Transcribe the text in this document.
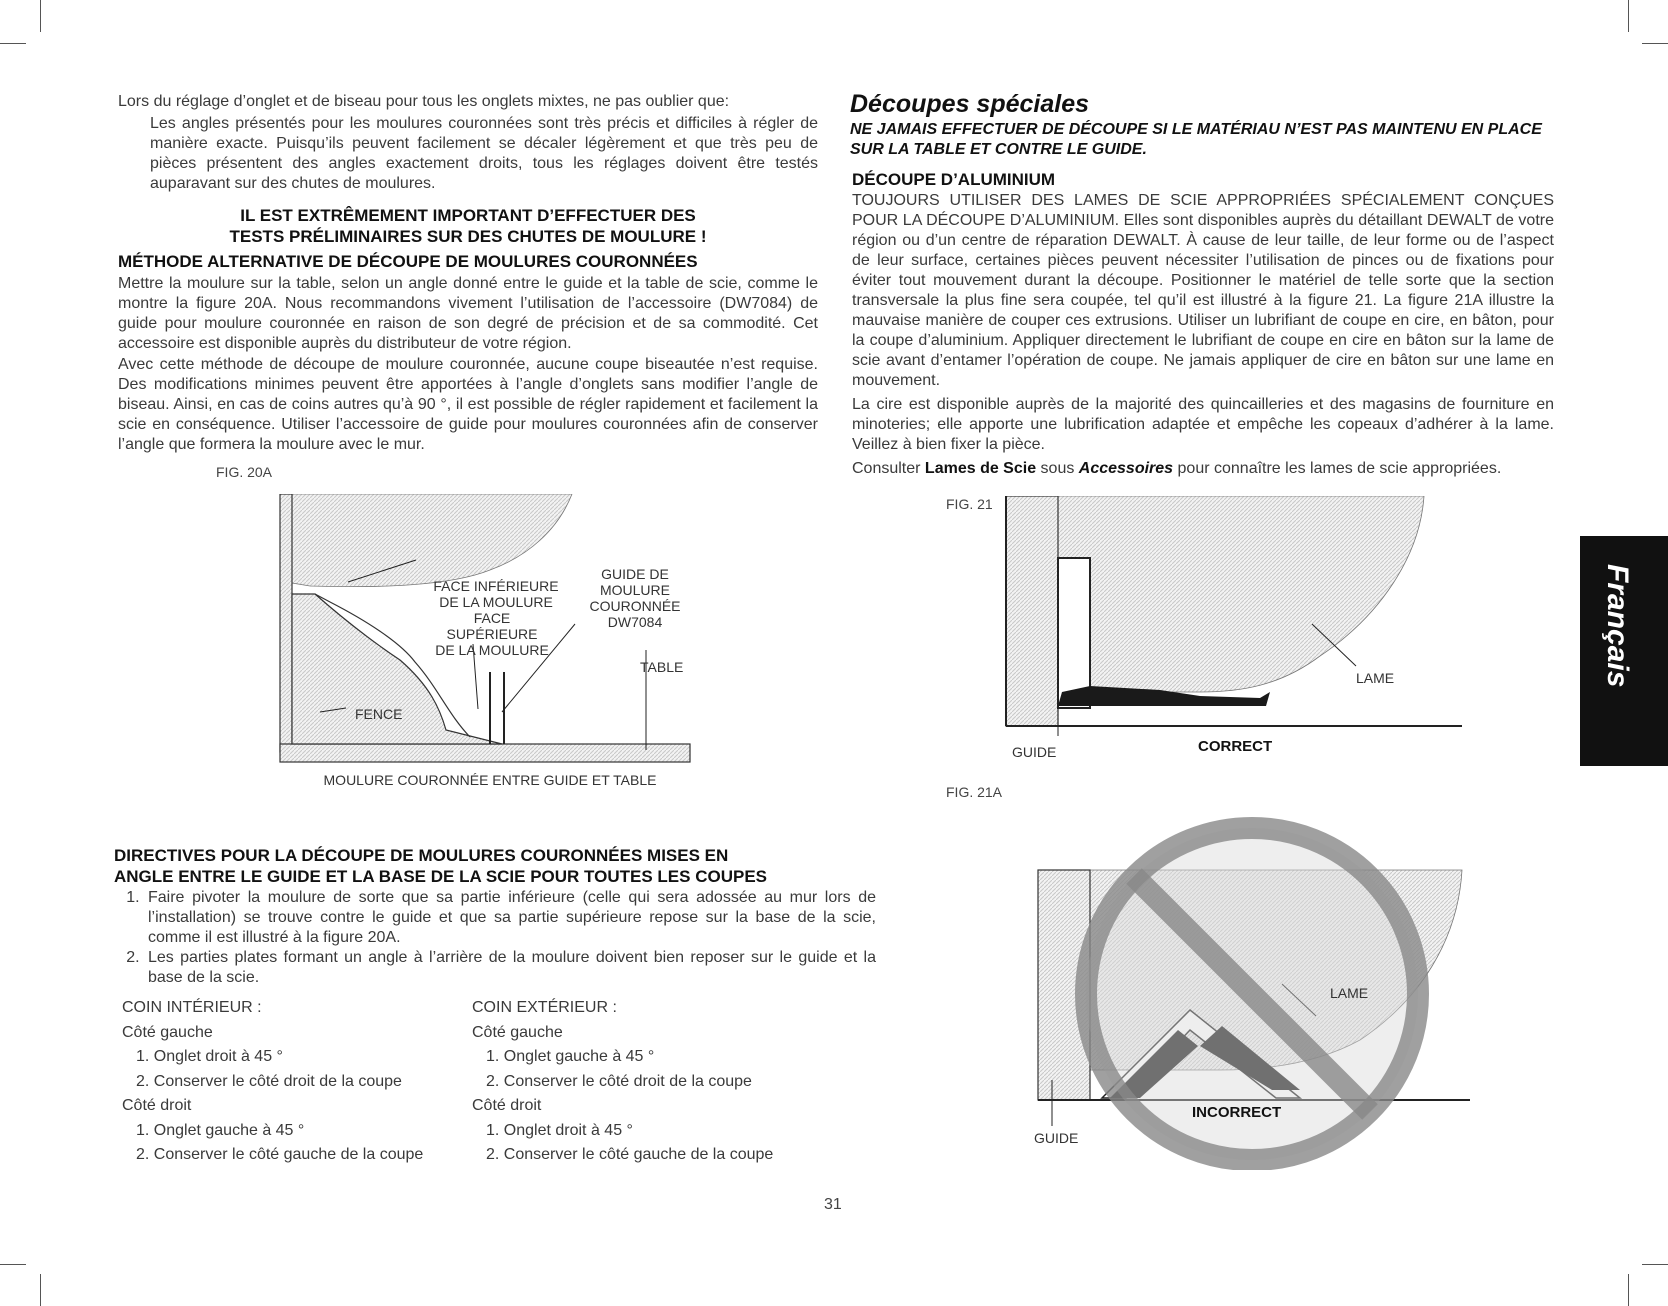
Lors du réglage d’onglet et de biseau pour tous les onglets mixtes, ne pas oublier que:

Les angles présentés pour les moulures couronnées sont très précis et difficiles à régler de manière exacte. Puisqu’ils peuvent facilement se décaler légèrement et que très peu de pièces présentent des angles exactement droits, tous les réglages doivent être testés auparavant sur des chutes de moulures.

IL EST EXTRÊMEMENT IMPORTANT D’EFFECTUER DES

TESTS PRÉLIMINAIRES SUR DES CHUTES DE MOULURE !

MÉTHODE ALTERNATIVE DE DÉCOUPE DE MOULURES COURONNÉES

Mettre la moulure sur la table, selon un angle donné entre le guide et la table de scie, comme le montre la figure 20A. Nous recommandons vivement l’utilisation de l’accessoire (DW7084) de guide pour moulure couronnée en raison de son degré de précision et de sa commodité. Cet accessoire est disponible auprès du distributeur de votre région.

Avec cette méthode de découpe de moulure couronnée, aucune coupe biseautée n’est requise. Des modifications minimes peuvent être apportées à l’angle d’onglets sans modifier l’angle de biseau. Ainsi, en cas de coins autres qu’à 90 °, il est possible de régler rapidement et facilement la scie en conséquence. Utiliser l’accessoire de guide pour moulures couronnées afin de conserver l’angle que formera la moulure avec le mur.

FIG. 20A
GUIDE DE
MOULURE
COURONNÉE
DW7084
FACE INFÉRIEURE
DE LA MOULURE
FACE
SUPÉRIEURE
DE LA MOULURE
TABLE
FENCE
MOULURE COURONNÉE ENTRE GUIDE ET TABLE

DIRECTIVES POUR LA DÉCOUPE DE MOULURES COURONNÉES MISES EN

ANGLE ENTRE LE GUIDE ET LA BASE DE LA SCIE POUR TOUTES LES COUPES

1. Faire pivoter la moulure de sorte que sa partie inférieure (celle qui sera adossée au mur lors de l’installation) se trouve contre le guide et que sa partie supérieure repose sur la base de la scie, comme il est illustré à la figure 20A.
2. Les parties plates formant un angle à l’arrière de la moulure doivent bien reposer sur le guide et la base de la scie.
COIN INTÉRIEUR :
Côté gauche
1. Onglet droit à 45 °
2. Conserver le côté droit de la coupe
Côté droit
1. Onglet gauche à 45 °
2. Conserver le côté gauche de la coupe
COIN EXTÉRIEUR :
Côté gauche
1. Onglet gauche à 45 °
2. Conserver le côté droit de la coupe
Côté droit
1. Onglet droit à 45 °
2. Conserver le côté gauche de la coupe
Découpes spéciales

NE JAMAIS EFFECTUER DE DÉCOUPE SI LE MATÉRIAU N’EST PAS MAINTENU EN PLACE SUR LA TABLE ET CONTRE LE GUIDE.

DÉCOUPE D’ALUMINIUM

TOUJOURS UTILISER DES LAMES DE SCIE APPROPRIÉES SPÉCIALEMENT CONÇUES POUR LA DÉCOUPE D’ALUMINIUM. Elles sont disponibles auprès du détaillant DEWALT de votre région ou d’un centre de réparation DEWALT. À cause de leur taille, de leur forme ou de l’aspect de leur surface, certaines pièces peuvent nécessiter l’utilisation de pinces ou de fixations pour éviter tout mouvement durant la découpe. Positionner le matériel de telle sorte que la section transversale la plus fine sera coupée, tel qu’il est illustré à la figure 21. La figure 21A illustre la mauvaise manière de couper ces extrusions. Utiliser un lubrifiant de coupe en cire, en bâton, pour la coupe d’aluminium. Appliquer directement le lubrifiant de coupe en cire en bâton sur la lame de scie avant d’entamer l’opération de coupe. Ne jamais appliquer de cire en bâton sur une lame en mouvement.

La cire est disponible auprès de la majorité des quincailleries et des magasins de fourniture en minoteries; elle apporte une lubrification adaptée et empêche les copeaux d’adhérer à la lame. Veillez à bien fixer la pièce.

Consulter Lames de Scie sous Accessoires pour connaître les lames de scie appropriées.

FIG. 21
LAME
GUIDE	CORRECT
FIG. 21A
LAME
GUIDE
INCORRECT
Français
31
